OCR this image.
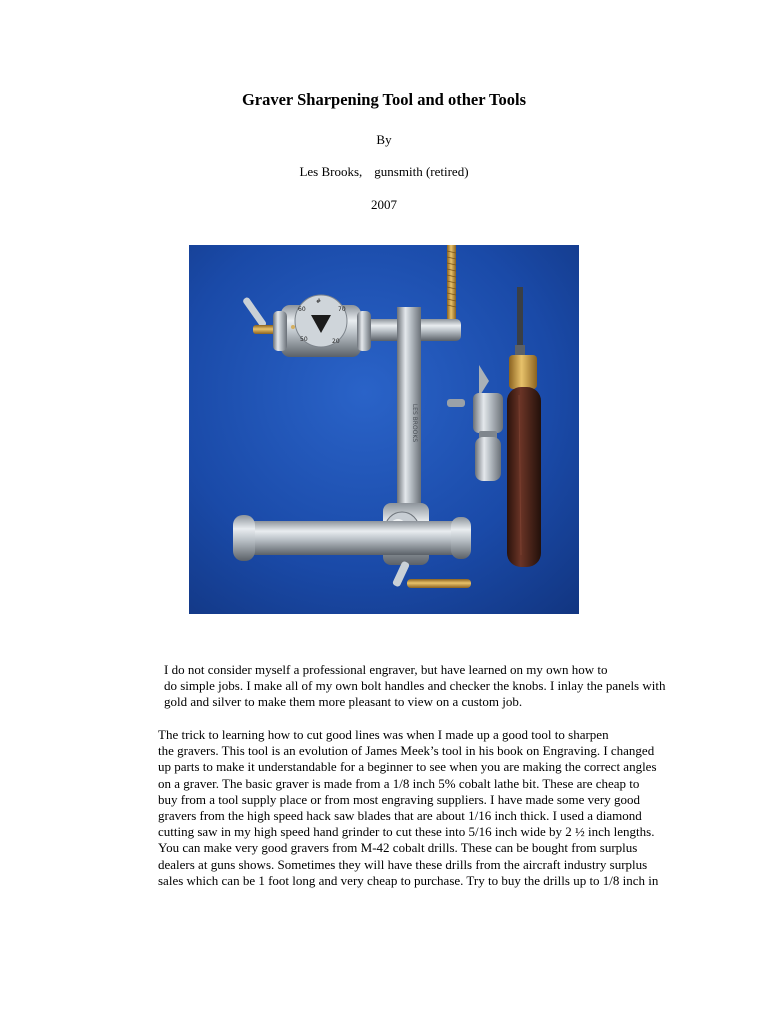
Graver Sharpening Tool and other Tools
By
Les Brooks, gunsmith (retired)
2007
LES BROOKS
#
60	70
50	20
I do not consider myself a professional engraver, but have learned on my own how to
do simple jobs. I make all of my own bolt handles and checker the knobs. I inlay the panels with
gold and silver to make them more pleasant to view on a custom job.
The trick to learning how to cut good lines was when I made up a good tool to sharpen
the gravers. This tool is an evolution of James Meek’s tool in his book on Engraving. I changed
up parts to make it understandable for a beginner to see when you are making the correct angles
on a graver. The basic graver is made from a 1/8 inch 5% cobalt lathe bit. These are cheap to
buy from a tool supply place or from most engraving suppliers. I have made some very good
gravers from the high speed hack saw blades that are about 1/16 inch thick. I used a diamond
cutting saw in my high speed hand grinder to cut these into 5/16 inch wide by 2 ½ inch lengths.
You can make very good gravers from M-42 cobalt drills. These can be bought from surplus
dealers at guns shows. Sometimes they will have these drills from the aircraft industry surplus
sales which can be 1 foot long and very cheap to purchase. Try to buy the drills up to 1/8 inch in
